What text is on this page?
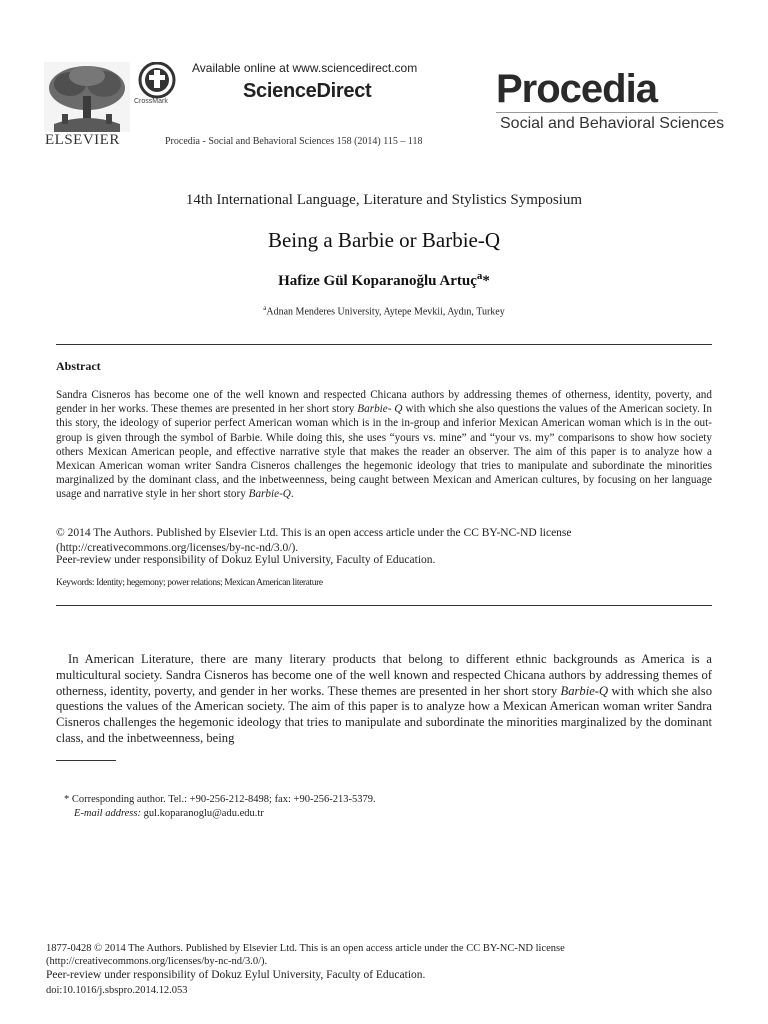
ELSEVIER
CrossMark
Available online at www.sciencedirect.com
ScienceDirect
Procedia - Social and Behavioral Sciences 158 (2014) 115 – 118
Procedia
Social and Behavioral Sciences
14th International Language, Literature and Stylistics Symposium
Being a Barbie or Barbie-Q
Hafize Gül Koparanoğlu Artuç$^a$*
$^a$Adnan Menderes University, Aytepe Mevkii, Aydın, Turkey
Abstract
Sandra Cisneros has become one of the well known and respected Chicana authors by addressing themes of otherness, identity, poverty, and gender in her works. These themes are presented in her short story Barbie- Q with which she also questions the values of the American society. In this story, the ideology of superior perfect American woman which is in the in-group and inferior Mexican American woman which is in the out-group is given through the symbol of Barbie. While doing this, she uses “yours vs. mine” and “your vs. my” comparisons to show how society others Mexican American people, and effective narrative style that makes the reader an observer. The aim of this paper is to analyze how a Mexican American woman writer Sandra Cisneros challenges the hegemonic ideology that tries to manipulate and subordinate the minorities marginalized by the dominant class, and the inbetweenness, being caught between Mexican and American cultures, by focusing on her language usage and narrative style in her short story Barbie-Q.
© 2014 The Authors. Published by Elsevier Ltd. This is an open access article under the CC BY-NC-ND license
(http://creativecommons.org/licenses/by-nc-nd/3.0/).
Peer-review under responsibility of Dokuz Eylul University, Faculty of Education.
Keywords: Identity; hegemony; power relations; Mexican American literature
In American Literature, there are many literary products that belong to different ethnic backgrounds as America is a multicultural society. Sandra Cisneros has become one of the well known and respected Chicana authors by addressing themes of otherness, identity, poverty, and gender in her works. These themes are presented in her short story Barbie-Q with which she also questions the values of the American society. The aim of this paper is to analyze how a Mexican American woman writer Sandra Cisneros challenges the hegemonic ideology that tries to manipulate and subordinate the minorities marginalized by the dominant class, and the inbetweenness, being
* Corresponding author. Tel.: +90-256-212-8498; fax: +90-256-213-5379.
E-mail address: gul.koparanoglu@adu.edu.tr
1877-0428 © 2014 The Authors. Published by Elsevier Ltd. This is an open access article under the CC BY-NC-ND license
(http://creativecommons.org/licenses/by-nc-nd/3.0/).
Peer-review under responsibility of Dokuz Eylul University, Faculty of Education.
doi:10.1016/j.sbspro.2014.12.053
